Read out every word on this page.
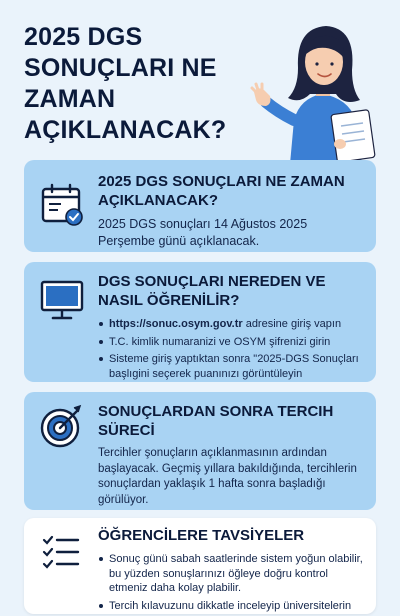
2025 DGS SONUÇLARI NE ZAMAN AÇIKLANACAK?
2025 DGS SONUÇLARI NE ZAMAN AÇIKLANACAK?
2025 DGS sonuçları 14 Ağustos 2025 Perşembe günü açıklanacak.
DGS SONUÇLARI NEREDEN VE NASIL ÖĞRENİLİR?
https://sonuc.osym.gov.tr adresine giriş vapın
T.C. kimlik numaranizi ve OSYM şifrenizi girin
Sisteme giriş yaptıktan sonra "2025-DGS Sonuçları başlıgini seçerek puanınızı görüntüleyin
SONUÇLARDAN SONRA TERCIH SÜRECİ
Tercihler şonuçların açıklanmasının ardından başlayacak. Geçmiş yıllara bakıldığında, tercihlerin sonuçlardan yaklaşık 1 hafta sonra başladığı görülüyor.
ÖĞRENCİLERE TAVSİYELER
Sonuç günü sabah saatlerinde sistem yoğun olabilir, bu yüzden sonuşlarınızı öğleye doğru kontrol etmeniz daha kolay plabilir.
Tercih kılavuzunu dikkatle inceleyip üniversitelerin
